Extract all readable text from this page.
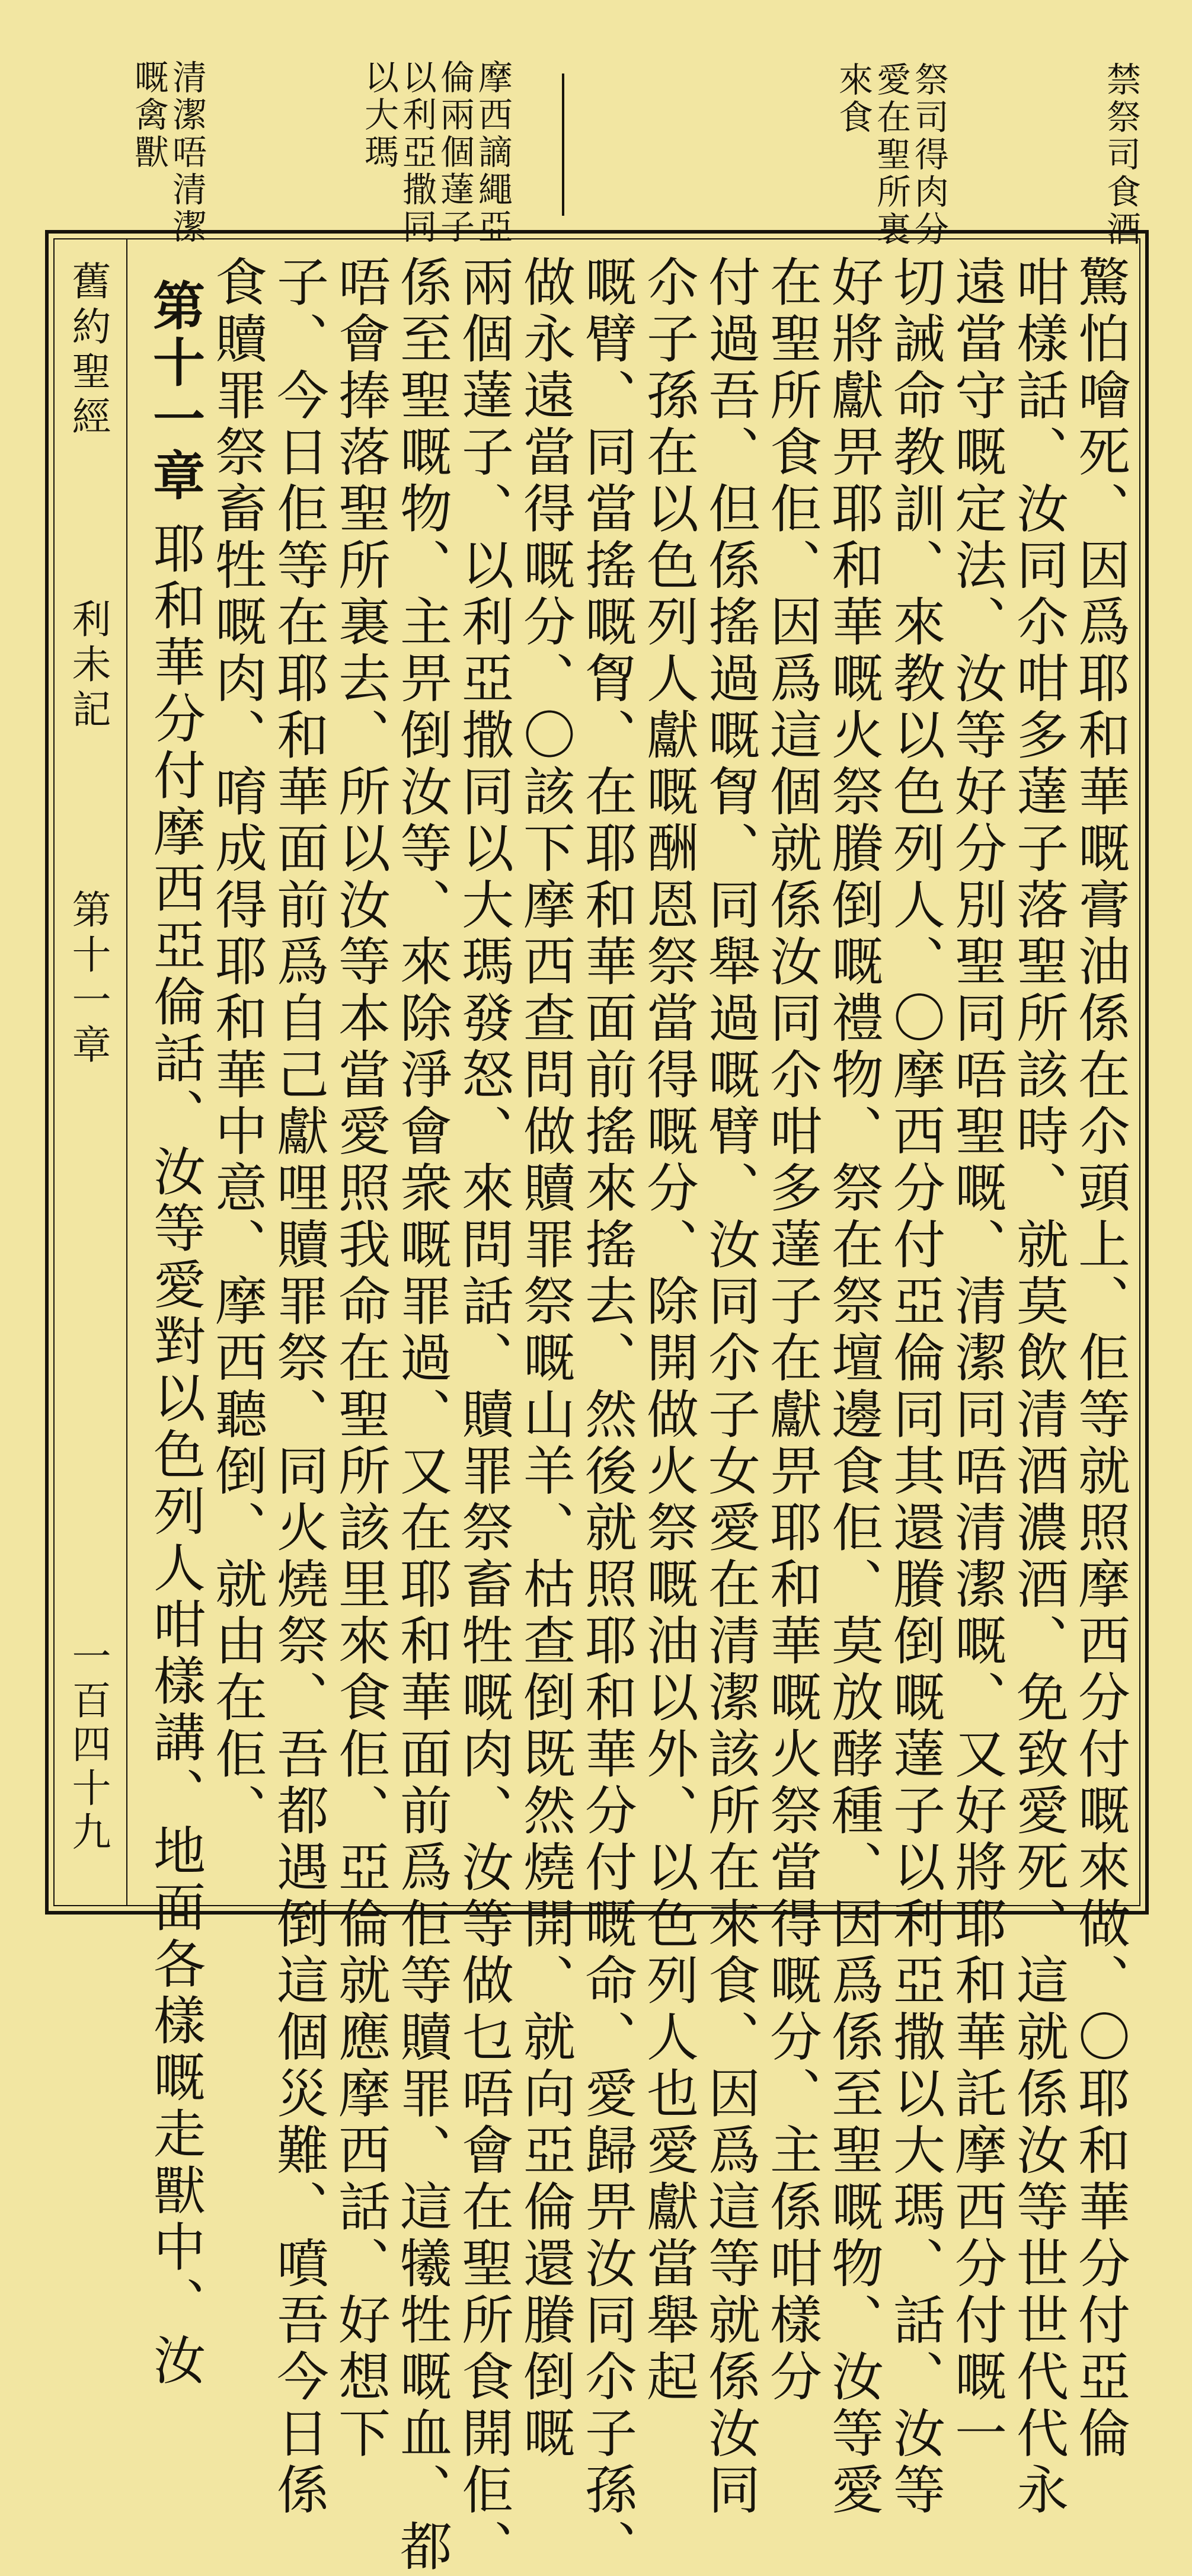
禁祭司食酒
祭司得肉分
愛在聖所裏
來食
摩西謫繩亞
倫兩個薘子
以利亞撒同
以大瑪
清潔唔清潔
嘅禽獸
舊約聖經
利未記
第十一章
一百四十九	驚怕噲死、因爲耶和華嘅膏油係在尒頭上、佢等就照摩西分付嘅來做、〇耶和華分付亞倫
咁樣話、汝同尒咁多薘子落聖所該時、就莫飲清酒濃酒、免致愛死、這就係汝等世世代代永
遠當守嘅定法、汝等好分別聖同唔聖嘅、清潔同唔清潔嘅、又好將耶和華託摩西分付嘅一
切誡命教訓、來教以色列人、〇摩西分付亞倫同其還賸倒嘅薘子以利亞撒以大瑪、話、汝等
好將獻畀耶和華嘅火祭賸倒嘅禮物、祭在祭壇邊食佢、莫放酵種、因爲係至聖嘅物、汝等愛
在聖所食佢、因爲這個就係汝同尒咁多薘子在獻畀耶和華嘅火祭當得嘅分、主係咁樣分
付過吾、但係搖過嘅胷、同舉過嘅臂、汝同尒子女愛在清潔該所在來食、因爲這等就係汝同
尒子孫在以色列人獻嘅酬恩祭當得嘅分、除開做火祭嘅油以外、以色列人也愛獻當舉起
嘅臂、同當搖嘅胷、在耶和華面前搖來搖去、然後就照耶和華分付嘅命、愛歸畀汝同尒子孫、
做永遠當得嘅分、〇該下摩西查問做贖罪祭嘅山羊、枯查倒既然燒開、就向亞倫還賸倒嘅
兩個薘子、以利亞撒同以大瑪發怒、來問話、贖罪祭畜牲嘅肉、汝等做乜唔會在聖所食開佢、
係至聖嘅物、主畀倒汝等、來除淨會衆嘅罪過、又在耶和華面前爲佢等贖罪、這犧牲嘅血、都
唔會捧落聖所裏去、所以汝等本當愛照我命在聖所該里來食佢、亞倫就應摩西話、好想下
子、今日佢等在耶和華面前爲自己獻哩贖罪祭、同火燒祭、吾都遇倒這個災難、噴吾今日係
食贖罪祭畜牲嘅肉、唷成得耶和華中意、摩西聽倒、就由在佢、
第十一章
耶和華分付摩西亞倫話、汝等愛對以色列人咁樣講、地面各樣嘅走獸中、汝
